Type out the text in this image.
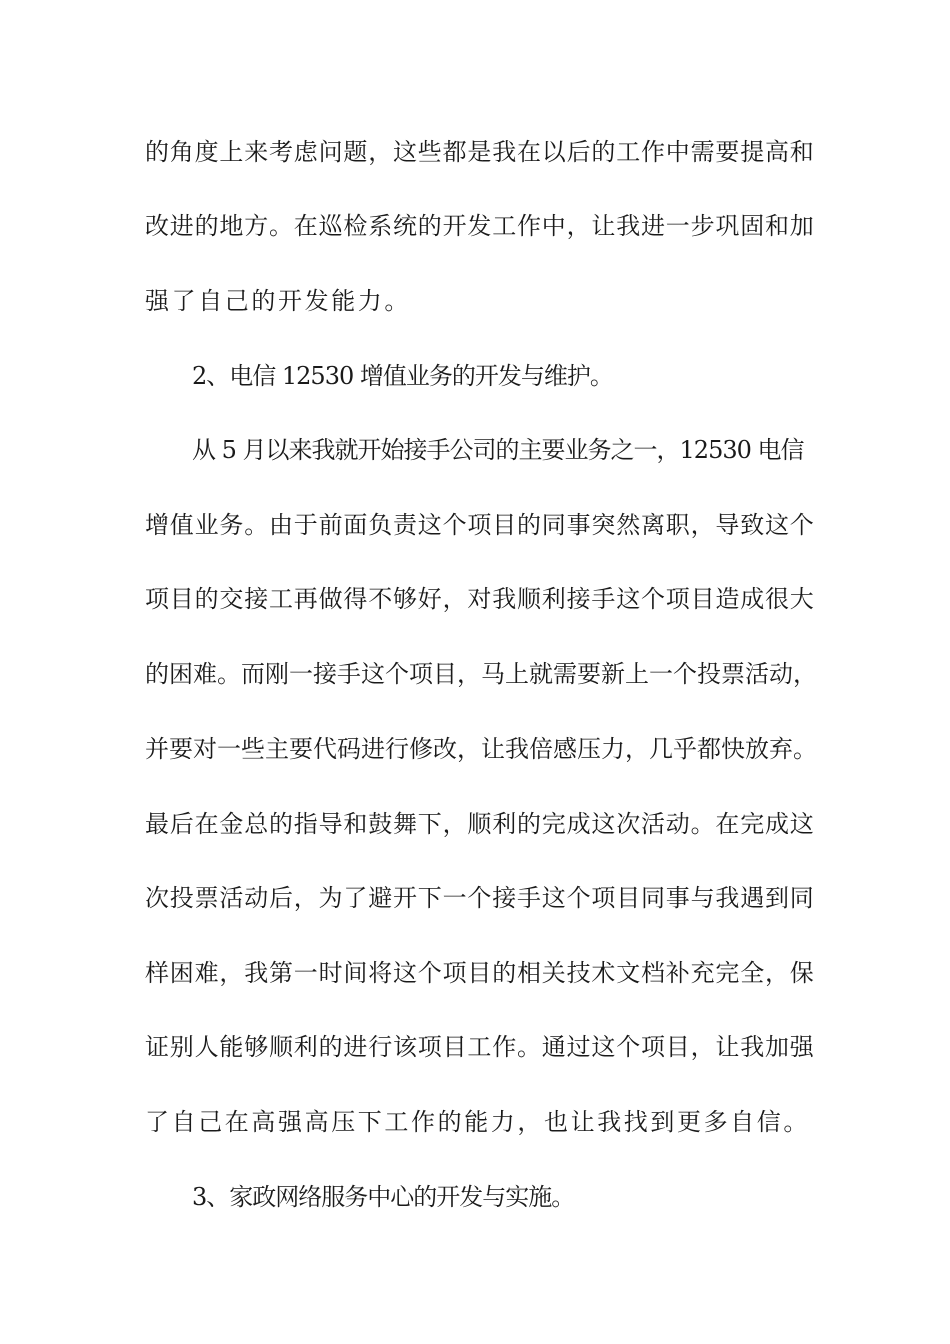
的角度上来考虑问题，这些都是我在以后的工作中需要提高和
改进的地方。在巡检系统的开发工作中，让我进一步巩固和加
强了自己的开发能力。
2、电信 12530 增值业务的开发与维护。
从 5 月以来我就开始接手公司的主要业务之一，12530 电信
增值业务。由于前面负责这个项目的同事突然离职，导致这个
项目的交接工再做得不够好，对我顺利接手这个项目造成很大
的困难。而刚一接手这个项目，马上就需要新上一个投票活动，
并要对一些主要代码进行修改，让我倍感压力，几乎都快放弃。
最后在金总的指导和鼓舞下，顺利的完成这次活动。在完成这
次投票活动后，为了避开下一个接手这个项目同事与我遇到同
样困难，我第一时间将这个项目的相关技术文档补充完全，保
证别人能够顺利的进行该项目工作。通过这个项目，让我加强
了自己在高强高压下工作的能力，也让我找到更多自信。
3、家政网络服务中心的开发与实施。
